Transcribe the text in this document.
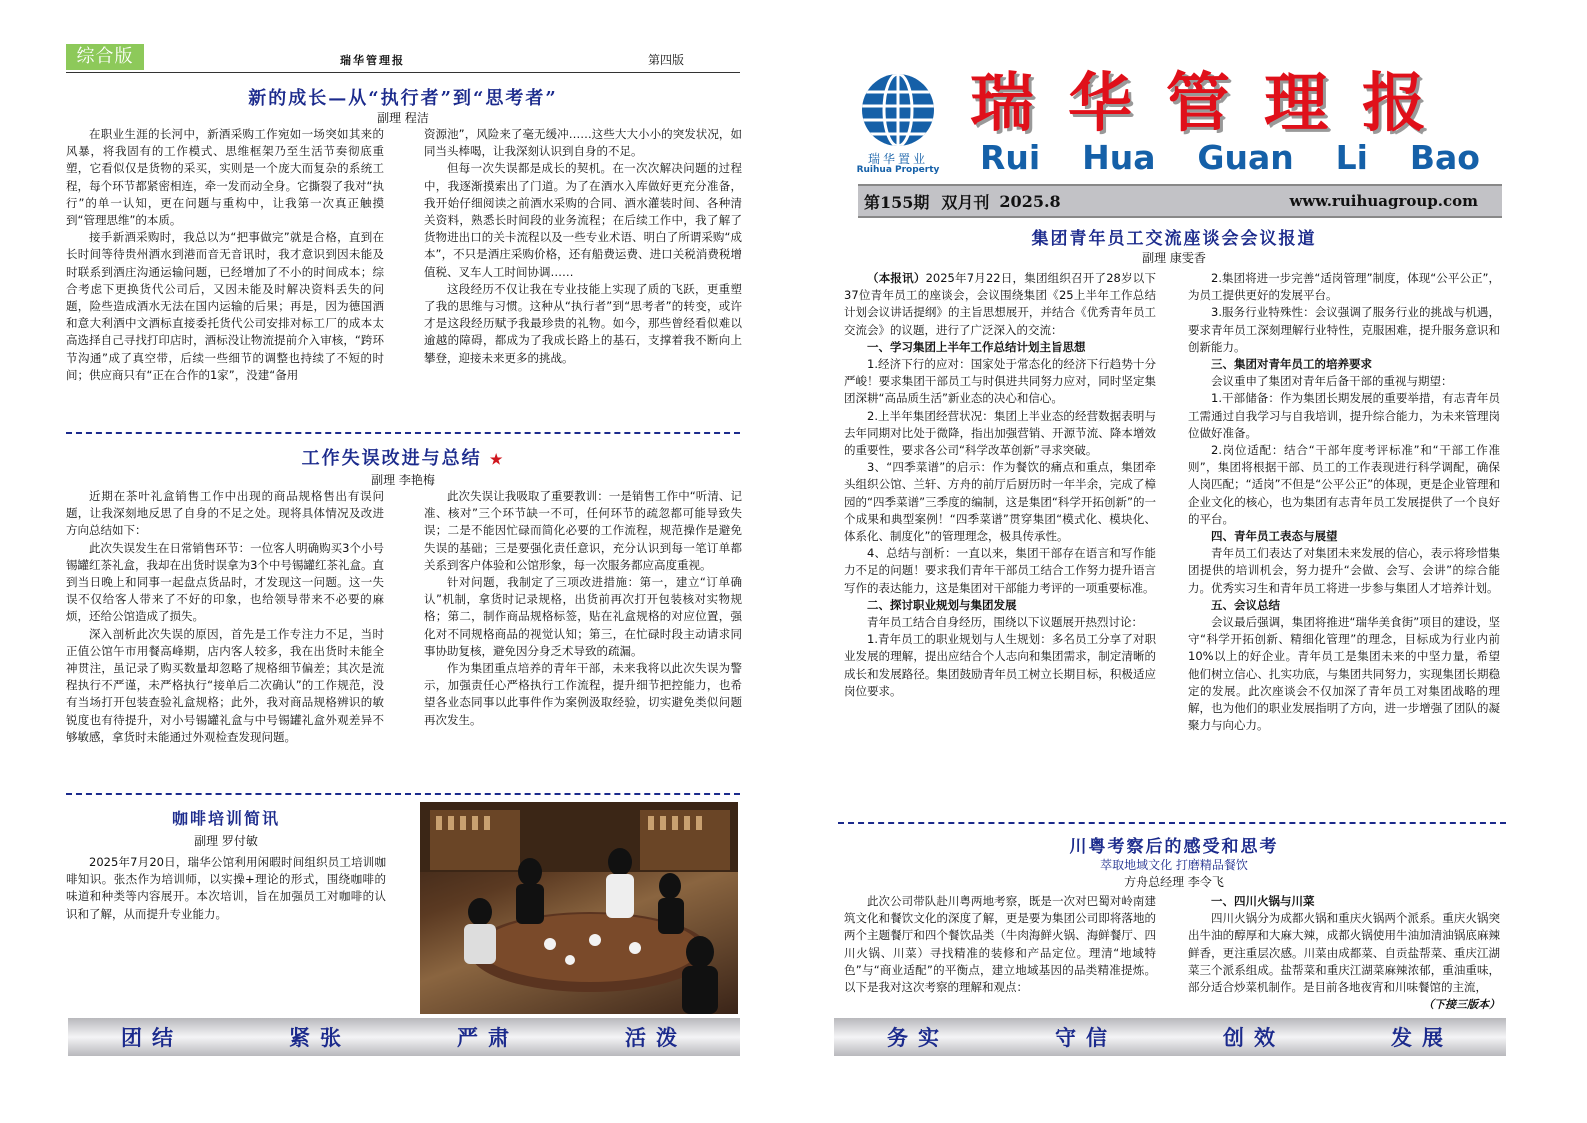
综合版	瑞华管理报	第四版
新的成长—从“执行者”到“思考者”
副理 程洁

在职业生涯的长河中，新酒采购工作宛如一场突如其来的风暴，将我固有的工作模式、思维框架乃至生活节奏彻底重塑，它看似仅是货物的采买，实则是一个庞大而复杂的系统工程，每个环节都紧密相连，牵一发而动全身。它撕裂了我对“执行”的单一认知，更在问题与重构中，让我第一次真正触摸到“管理思维”的本质。

接手新酒采购时，我总以为“把事做完”就是合格，直到在长时间等待贵州酒水到港而音无音讯时，我才意识到因未能及时联系到酒庄沟通运输问题，已经增加了不小的时间成本；综合考虑下更换货代公司后，又因未能及时解决资料丢失的问题，险些造成酒水无法在国内运输的后果；再是，因为德国酒和意大利酒中文酒标直接委托货代公司安排对标工厂的成本太高选择自己寻找打印店时，酒标没让物流提前介入审核，“跨环节沟通”成了真空带，后续一些细节的调整也持续了不短的时间；供应商只有“正在合作的1家”，没建“备用

资源池”，风险来了毫无缓冲……这些大大小小的突发状况，如同当头棒喝，让我深刻认识到自身的不足。

但每一次失误都是成长的契机。在一次次解决问题的过程中，我逐渐摸索出了门道。为了在酒水入库做好更充分准备，我开始仔细阅读之前酒水采购的合同、酒水灌装时间、各种清关资料，熟悉长时间段的业务流程；在后续工作中，我了解了货物进出口的关卡流程以及一些专业术语、明白了所谓采购“成本”，不只是酒庄采购价格，还有船费运费、进口关税消费税增值税、叉车人工时间协调……

这段经历不仅让我在专业技能上实现了质的飞跃，更重塑了我的思维与习惯。这种从“执行者”到“思考者”的转变，或许才是这段经历赋予我最珍贵的礼物。如今，那些曾经看似难以逾越的障碍，都成为了我成长路上的基石，支撑着我不断向上攀登，迎接未来更多的挑战。

工作失误改进与总结 ★
副理 李艳梅

近期在茶叶礼盒销售工作中出现的商品规格售出有误问题，让我深刻地反思了自身的不足之处。现将具体情况及改进方向总结如下：

此次失误发生在日常销售环节：一位客人明确购买3个小号锡罐红茶礼盒，我却在出货时误拿为3个中号锡罐红茶礼盒。直到当日晚上和同事一起盘点货品时，才发现这一问题。这一失误不仅给客人带来了不好的印象，也给领导带来不必要的麻烦，还给公馆造成了损失。

深入剖析此次失误的原因，首先是工作专注力不足，当时正值公馆午市用餐高峰期，店内客人较多，我在出货时未能全神贯注，虽记录了购买数量却忽略了规格细节偏差；其次是流程执行不严谨，未严格执行“接单后二次确认”的工作规范，没有当场打开包装查验礼盒规格；此外，我对商品规格辨识的敏锐度也有待提升，对小号锡罐礼盒与中号锡罐礼盒外观差异不够敏感，拿货时未能通过外观检查发现问题。

此次失误让我吸取了重要教训：一是销售工作中“听清、记准、核对”三个环节缺一不可，任何环节的疏忽都可能导致失误；二是不能因忙碌而简化必要的工作流程，规范操作是避免失误的基础；三是要强化责任意识，充分认识到每一笔订单都关系到客户体验和公馆形象，每一次服务都应高度重视。

针对问题，我制定了三项改进措施：第一，建立“订单确认”机制，拿货时记录规格，出货前再次打开包装核对实物规格；第二，制作商品规格标签，贴在礼盒规格的对应位置，强化对不同规格商品的视觉认知；第三，在忙碌时段主动请求同事协助复核，避免因分身乏术导致的疏漏。

作为集团重点培养的青年干部，未来我将以此次失误为警示，加强责任心严格执行工作流程，提升细节把控能力，也希望各业态同事以此事件作为案例汲取经验，切实避免类似问题再次发生。

咖啡培训简讯
副理 罗付敏

2025年7月20日，瑞华公馆利用闲暇时间组织员工培训咖啡知识。张杰作为培训师，以实操+理论的形式，围绕咖啡的味道和种类等内容展开。本次培训，旨在加强员工对咖啡的认识和了解，从而提升专业能力。

团结	紧张	严肃	活泼
瑞华置业
Ruihua Property
瑞华管理报
Rui Hua Guan Li Bao
第155期 双月刊 2025.8	www.ruihuagroup.com
集团青年员工交流座谈会会议报道
副理 康雯香

（本报讯）2025年7月22日，集团组织召开了28岁以下37位青年员工的座谈会，会议围绕集团《25上半年工作总结计划会议讲话提纲》的主旨思想展开，并结合《优秀青年员工交流会》的议题，进行了广泛深入的交流：

一、学习集团上半年工作总结计划主旨思想

1.经济下行的应对：国家处于常态化的经济下行趋势十分严峻！要求集团干部员工与时俱进共同努力应对，同时坚定集团深耕“高品质生活”新业态的决心和信心。

2.上半年集团经营状况：集团上半业态的经营数据表明与去年同期对比处于微降，指出加强营销、开源节流、降本增效的重要性，要求各公司“科学改革创新”寻求突破。

3、“四季菜谱”的启示：作为餐饮的痛点和重点，集团牵头组织公馆、兰轩、方舟的前厅后厨历时一年半余，完成了樟园的“四季菜谱”三季度的编制，这是集团“科学开拓创新”的一个成果和典型案例！“四季菜谱”贯穿集团“模式化、模块化、体系化、制度化”的管理理念，极具传承性。

4、总结与剖析：一直以来，集团干部存在语言和写作能力不足的问题！要求我们青年干部员工结合工作努力提升语言写作的表达能力，这是集团对干部能力考评的一项重要标准。

二、探讨职业规划与集团发展

青年员工结合自身经历，围绕以下议题展开热烈讨论：

1.青年员工的职业规划与人生规划：多名员工分享了对职业发展的理解，提出应结合个人志向和集团需求，制定清晰的成长和发展路径。集团鼓励青年员工树立长期目标，积极适应岗位要求。

2.集团将进一步完善“适岗管理”制度，体现“公平公正”，为员工提供更好的发展平台。

3.服务行业特殊性：会议强调了服务行业的挑战与机遇，要求青年员工深刻理解行业特性，克服困难，提升服务意识和创新能力。

三、集团对青年员工的培养要求

会议重申了集团对青年后备干部的重视与期望：

1.干部储备：作为集团长期发展的重要举措，有志青年员工需通过自我学习与自我培训，提升综合能力，为未来管理岗位做好准备。

2.岗位适配：结合“干部年度考评标准”和“干部工作准则”，集团将根据干部、员工的工作表现进行科学调配，确保人岗匹配；“适岗”不但是“公平公正”的体现，更是企业管理和企业文化的核心，也为集团有志青年员工发展提供了一个良好的平台。

四、青年员工表态与展望

青年员工们表达了对集团未来发展的信心，表示将珍惜集团提供的培训机会，努力提升“会做、会写、会讲”的综合能力。优秀实习生和青年员工将进一步参与集团人才培养计划。

五、会议总结

会议最后强调，集团将推进“瑞华美食街”项目的建设，坚守“科学开拓创新、精细化管理”的理念，目标成为行业内前10%以上的好企业。青年员工是集团未来的中坚力量，希望他们树立信心、扎实功底，与集团共同努力，实现集团长期稳定的发展。此次座谈会不仅加深了青年员工对集团战略的理解，也为他们的职业发展指明了方向，进一步增强了团队的凝聚力与向心力。

川粤考察后的感受和思考
萃取地域文化 打磨精品餐饮
方舟总经理 李令飞

此次公司带队赴川粤两地考察，既是一次对巴蜀对岭南建筑文化和餐饮文化的深度了解，更是要为集团公司即将落地的两个主题餐厅和四个餐饮品类（牛肉海鲜火锅、海鲜餐厅、四川火锅、川菜）寻找精准的装修和产品定位。理清“地域特色”与“商业适配”的平衡点，建立地域基因的品类精准提炼。以下是我对这次考察的理解和观点：

一、四川火锅与川菜

四川火锅分为成都火锅和重庆火锅两个派系。重庆火锅突出牛油的醇厚和大麻大辣，成都火锅使用牛油加清油锅底麻辣鲜香，更注重层次感。川菜由成都菜、自贡盐帮菜、重庆江湖菜三个派系组成。盐帮菜和重庆江湖菜麻辣浓郁，重油重味，部分适合炒菜机制作。是目前各地夜宵和川味餐馆的主流，

（下接三版本）

务实	守信	创效	发展
